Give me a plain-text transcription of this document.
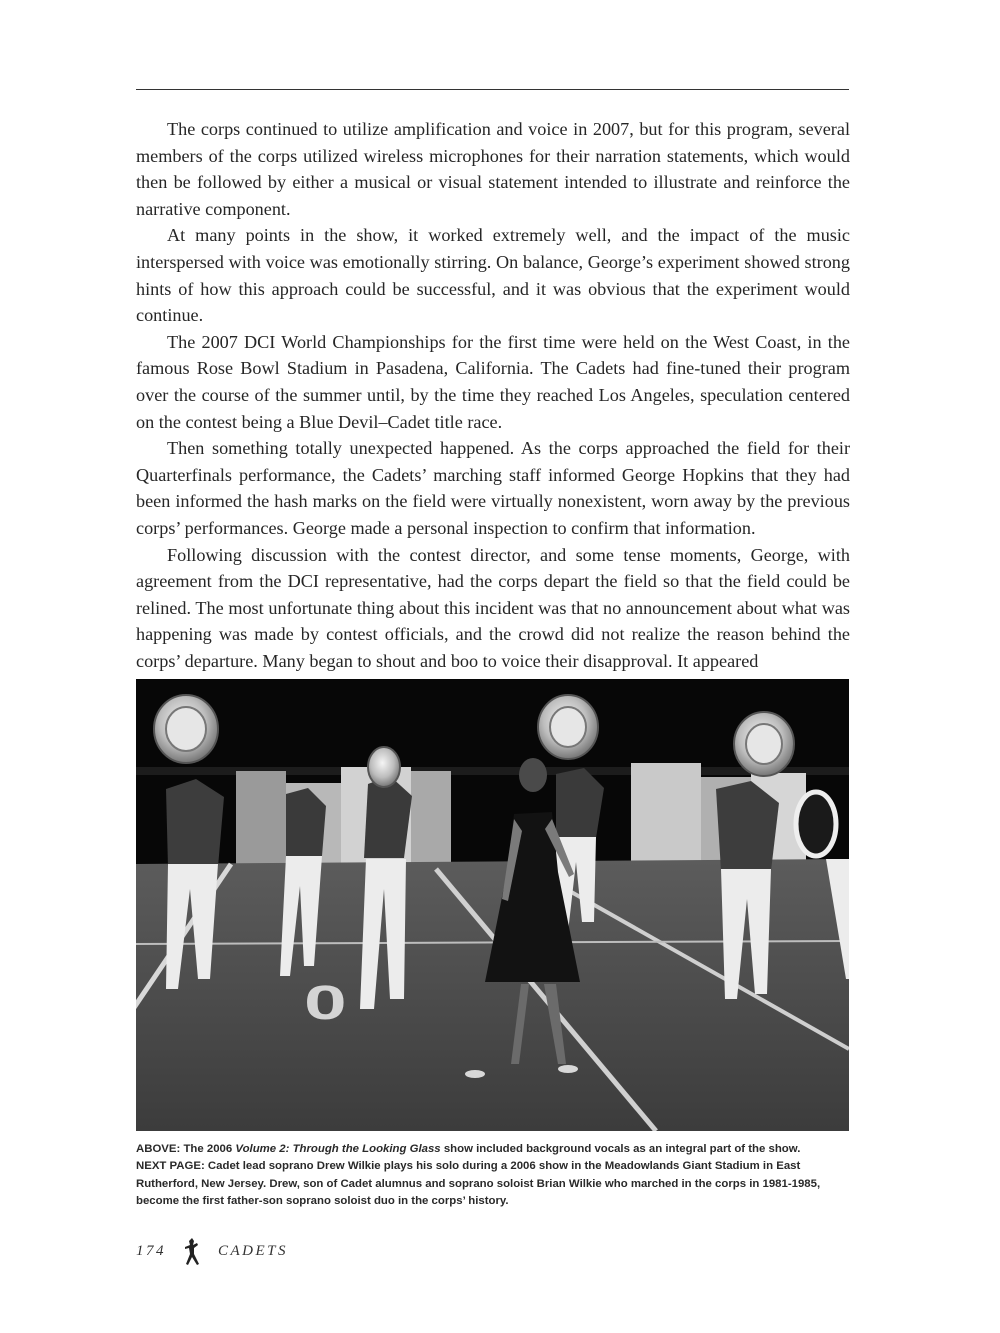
The corps continued to utilize amplification and voice in 2007, but for this program, several members of the corps utilized wireless microphones for their narration statements, which would then be followed by either a musical or visual statement intended to illustrate and reinforce the narrative component.

At many points in the show, it worked extremely well, and the impact of the music interspersed with voice was emotionally stirring. On balance, George’s experiment showed strong hints of how this approach could be successful, and it was obvious that the experiment would continue.

The 2007 DCI World Championships for the first time were held on the West Coast, in the famous Rose Bowl Stadium in Pasadena, California. The Cadets had fine-tuned their program over the course of the summer until, by the time they reached Los Angeles, speculation centered on the contest being a Blue Devil–Cadet title race.

Then something totally unexpected happened. As the corps approached the field for their Quarterfinals performance, the Cadets’ marching staff informed George Hopkins that they had been informed the hash marks on the field were virtually nonexistent, worn away by the previous corps’ performances. George made a personal inspection to confirm that information.

Following discussion with the contest director, and some tense moments, George, with agreement from the DCI representative, had the corps depart the field so that the field could be relined. The most unfortunate thing about this incident was that no announcement about what was happening was made by contest officials, and the crowd did not realize the reason behind the corps’ departure. Many began to shout and boo to voice their disapproval. It appeared

0
ABOVE: The 2006 Volume 2: Through the Looking Glass show included background vocals as an integral part of the show.
NEXT PAGE: Cadet lead soprano Drew Wilkie plays his solo during a 2006 show in the Meadowlands Giant Stadium in East
Rutherford, New Jersey. Drew, son of Cadet alumnus and soprano soloist Brian Wilkie who marched in the corps in 1981-1985,
become the first father-son soprano soloist duo in the corps’ history.
174	CADETS
